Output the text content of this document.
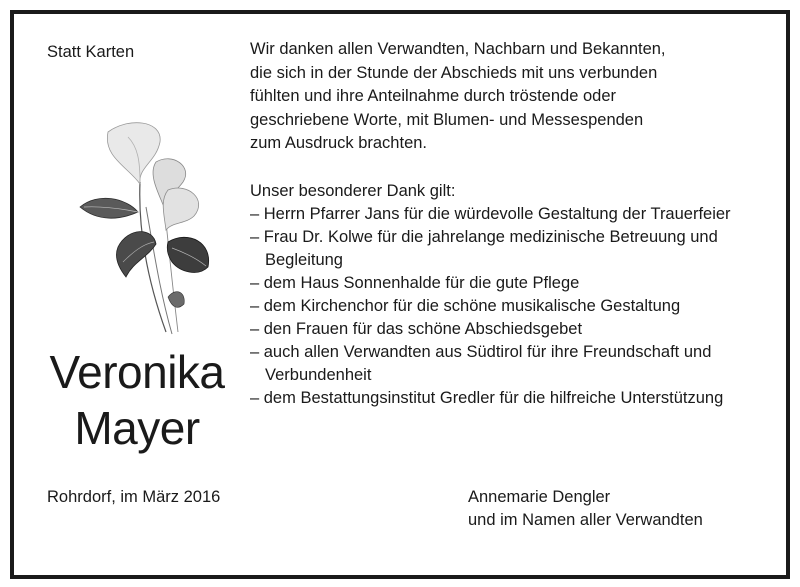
Statt Karten
Veronika
Mayer
Wir danken allen Verwandten, Nachbarn und Bekannten,
die sich in der Stunde der Abschieds mit uns verbunden
fühlten und ihre Anteilnahme durch tröstende oder
geschriebene Worte, mit Blumen- und Messespenden
zum Ausdruck brachten.
Unser besonderer Dank gilt:
– Herrn Pfarrer Jans für die würdevolle Gestaltung der Trauerfeier
– Frau Dr. Kolwe für die jahrelange medizinische Betreuung und Begleitung
– dem Haus Sonnenhalde für die gute Pflege
– dem Kirchenchor für die schöne musikalische Gestaltung
– den Frauen für das schöne Abschiedsgebet
– auch allen Verwandten aus Südtirol für ihre Freundschaft und Verbundenheit
– dem Bestattungsinstitut Gredler für die hilfreiche Unterstützung
Rohrdorf, im März 2016	Annemarie Dengler
und im Namen aller Verwandten
